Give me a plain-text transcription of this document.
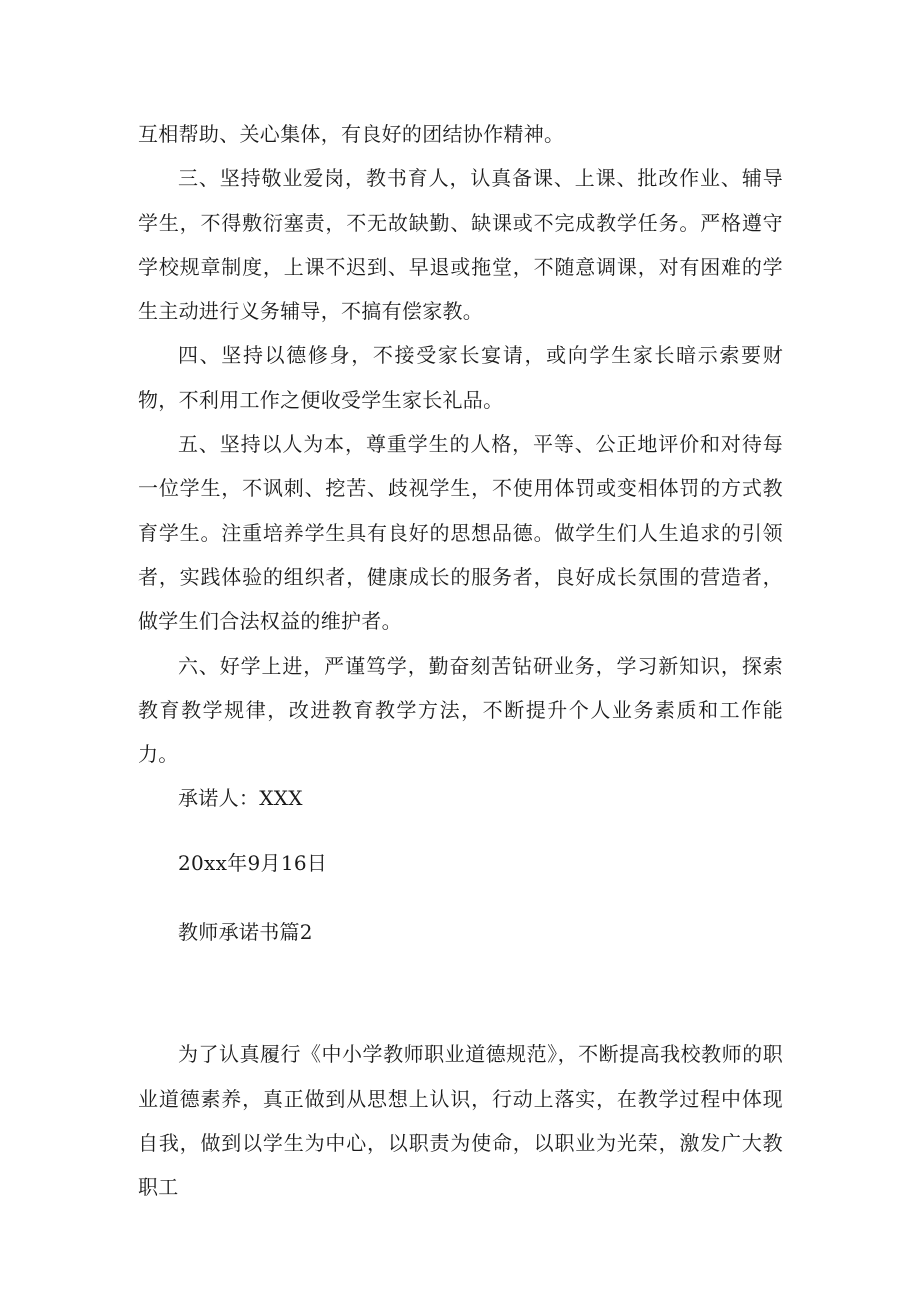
互相帮助、关心集体，有良好的团结协作精神。

三、坚持敬业爱岗，教书育人，认真备课、上课、批改作业、辅导学生，不得敷衍塞责，不无故缺勤、缺课或不完成教学任务。严格遵守学校规章制度，上课不迟到、早退或拖堂，不随意调课，对有困难的学生主动进行义务辅导，不搞有偿家教。

四、坚持以德修身，不接受家长宴请，或向学生家长暗示索要财物，不利用工作之便收受学生家长礼品。

五、坚持以人为本，尊重学生的人格，平等、公正地评价和对待每一位学生，不讽刺、挖苦、歧视学生，不使用体罚或变相体罚的方式教育学生。注重培养学生具有良好的思想品德。做学生们人生追求的引领者，实践体验的组织者，健康成长的服务者，良好成长氛围的营造者，做学生们合法权益的维护者。

六、好学上进，严谨笃学，勤奋刻苦钻研业务，学习新知识，探索教育教学规律，改进教育教学方法，不断提升个人业务素质和工作能力。

承诺人：XXX

20xx年9月16日

教师承诺书篇2

为了认真履行《中小学教师职业道德规范》，不断提高我校教师的职业道德素养，真正做到从思想上认识，行动上落实，在教学过程中体现自我，做到以学生为中心，以职责为使命，以职业为光荣，激发广大教职工
